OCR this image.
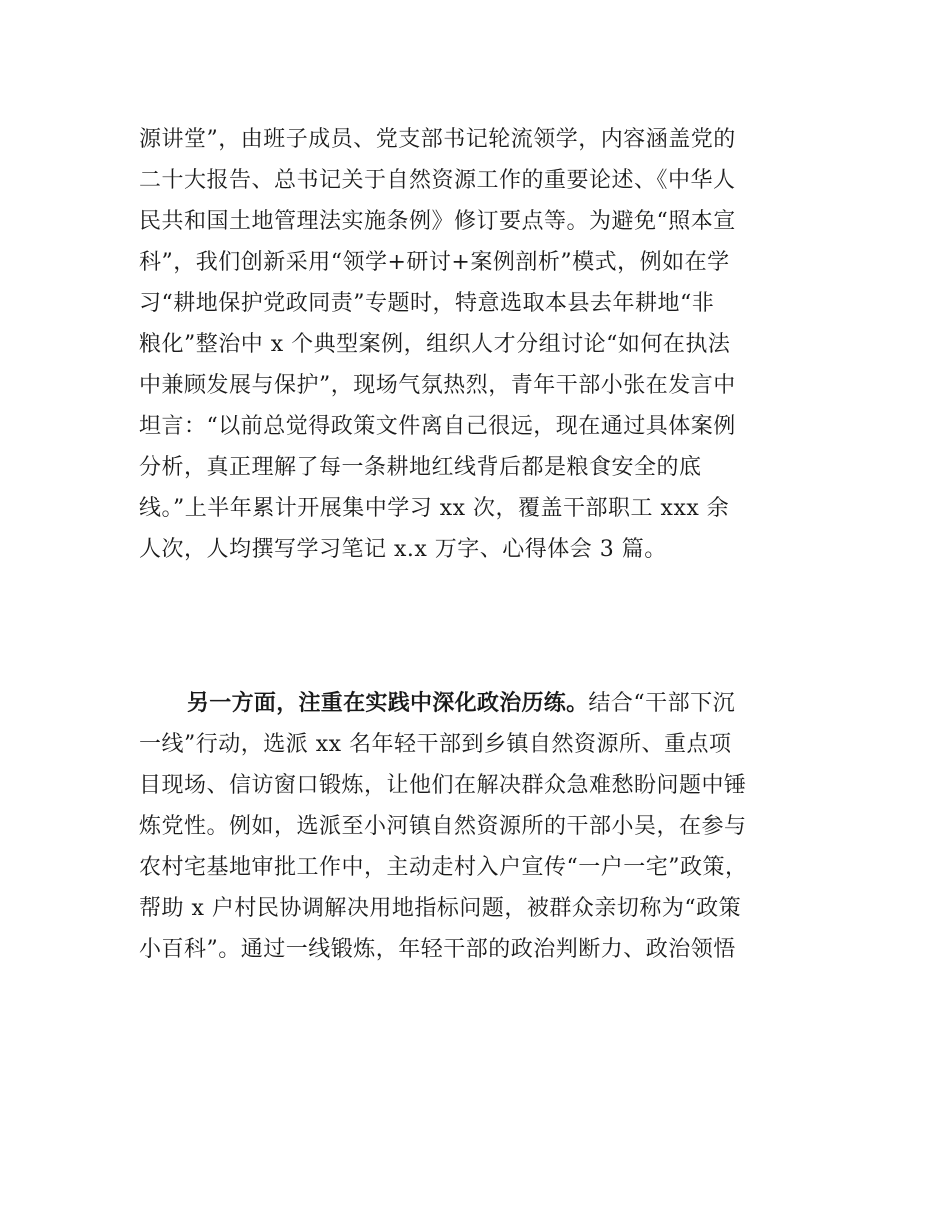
源讲堂”，由班子成员、党支部书记轮流领学，内容涵盖党的
二十大报告、总书记关于自然资源工作的重要论述、《中华人
民共和国土地管理法实施条例》修订要点等。为避免“照本宣
科”，我们创新采用“领学+研讨+案例剖析”模式，例如在学
习“耕地保护党政同责”专题时，特意选取本县去年耕地“非
粮化”整治中 x 个典型案例，组织人才分组讨论“如何在执法
中兼顾发展与保护”，现场气氛热烈，青年干部小张在发言中
坦言：“以前总觉得政策文件离自己很远，现在通过具体案例
分析，真正理解了每一条耕地红线背后都是粮食安全的底
线。”上半年累计开展集中学习 xx 次，覆盖干部职工 xxx 余
人次，人均撰写学习笔记 x.x 万字、心得体会 3 篇。
另一方面，注重在实践中深化政治历练。结合“干部下沉
一线”行动，选派 xx 名年轻干部到乡镇自然资源所、重点项
目现场、信访窗口锻炼，让他们在解决群众急难愁盼问题中锤
炼党性。例如，选派至小河镇自然资源所的干部小吴，在参与
农村宅基地审批工作中，主动走村入户宣传“一户一宅”政策，
帮助 x 户村民协调解决用地指标问题，被群众亲切称为“政策
小百科”。通过一线锻炼，年轻干部的政治判断力、政治领悟
